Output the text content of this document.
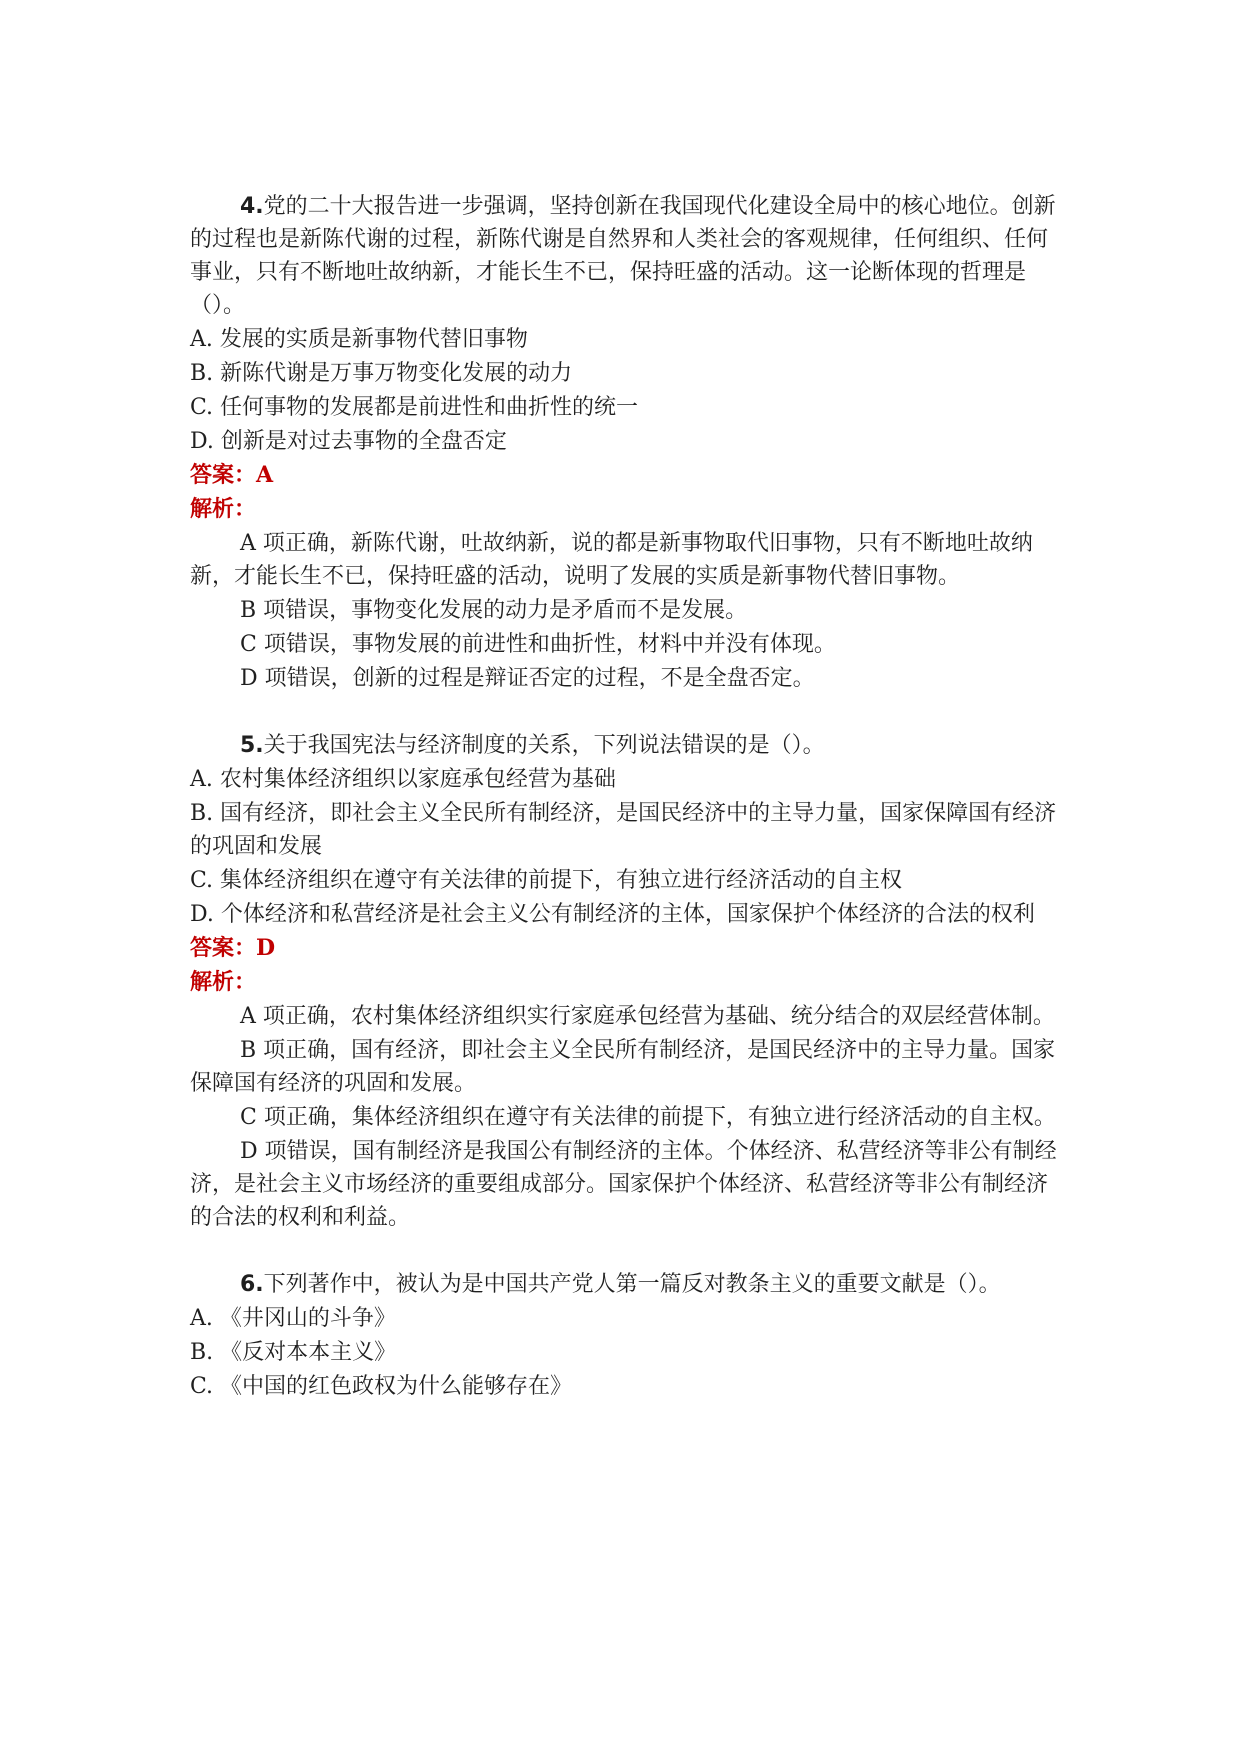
4.党的二十大报告进一步强调，坚持创新在我国现代化建设全局中的核心地位。创新的过程也是新陈代谢的过程，新陈代谢是自然界和人类社会的客观规律，任何组织、任何事业，只有不断地吐故纳新，才能长生不已，保持旺盛的活动。这一论断体现的哲理是（）。

A. 发展的实质是新事物代替旧事物

B. 新陈代谢是万事万物变化发展的动力

C. 任何事物的发展都是前进性和曲折性的统一

D. 创新是对过去事物的全盘否定

答案：A

解析：

A 项正确，新陈代谢，吐故纳新，说的都是新事物取代旧事物，只有不断地吐故纳新，才能长生不已，保持旺盛的活动，说明了发展的实质是新事物代替旧事物。

B 项错误，事物变化发展的动力是矛盾而不是发展。

C 项错误，事物发展的前进性和曲折性，材料中并没有体现。

D 项错误，创新的过程是辩证否定的过程，不是全盘否定。

5.关于我国宪法与经济制度的关系，下列说法错误的是（）。

A. 农村集体经济组织以家庭承包经营为基础

B. 国有经济，即社会主义全民所有制经济，是国民经济中的主导力量，国家保障国有经济的巩固和发展

C. 集体经济组织在遵守有关法律的前提下，有独立进行经济活动的自主权

D. 个体经济和私营经济是社会主义公有制经济的主体，国家保护个体经济的合法的权利

答案：D

解析：

A 项正确，农村集体经济组织实行家庭承包经营为基础、统分结合的双层经营体制。

B 项正确，国有经济，即社会主义全民所有制经济，是国民经济中的主导力量。国家保障国有经济的巩固和发展。

C 项正确，集体经济组织在遵守有关法律的前提下，有独立进行经济活动的自主权。

D 项错误，国有制经济是我国公有制经济的主体。个体经济、私营经济等非公有制经济，是社会主义市场经济的重要组成部分。国家保护个体经济、私营经济等非公有制经济的合法的权利和利益。

6.下列著作中，被认为是中国共产党人第一篇反对教条主义的重要文献是（）。

A. 《井冈山的斗争》

B. 《反对本本主义》

C. 《中国的红色政权为什么能够存在》
